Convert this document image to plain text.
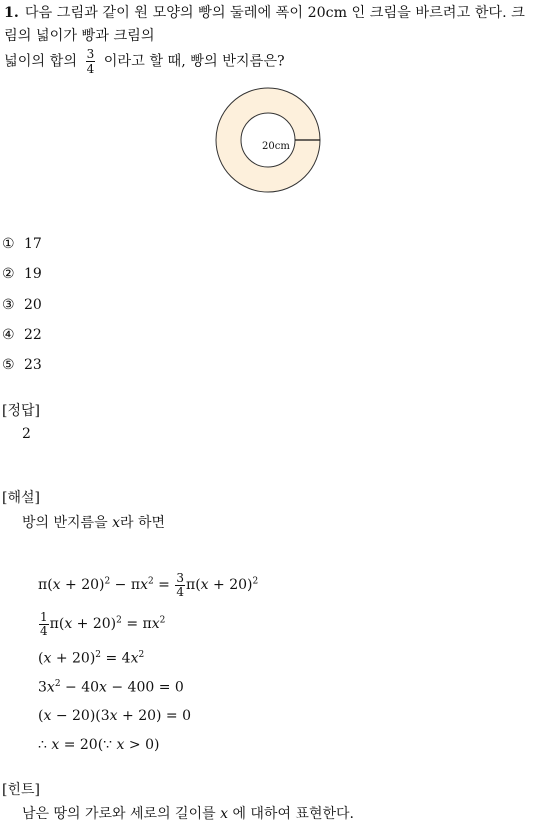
1. 다음 그림과 같이 원 모양의 빵의 둘레에 폭이 20cm 인 크림을 바르려고 한다. 크림의 넓이가 빵과 크림의
넓이의 합의 $\frac{3}{4}$ 이라고 할 때, 빵의 반지름은?
20cm
① 17
② 19
③ 20
④ 22
⑤ 23
[정답]
2
[해설]
방의 반지름을 x라 하면
$\pi(x + 20)^2 - \pi x^2 = \frac{3}{4} \pi(x + 20)^2$
$\frac{1}{4} \pi(x + 20)^2 = \pi x^2$
$(x + 20)^2 = 4x^2$
$3x^2 - 40x - 400 = 0$
(x − 20)(3x + 20) = 0
∴ x = 20(∵ x > 0)
[힌트]
남은 땅의 가로와 세로의 길이를 x 에 대하여 표현한다.
